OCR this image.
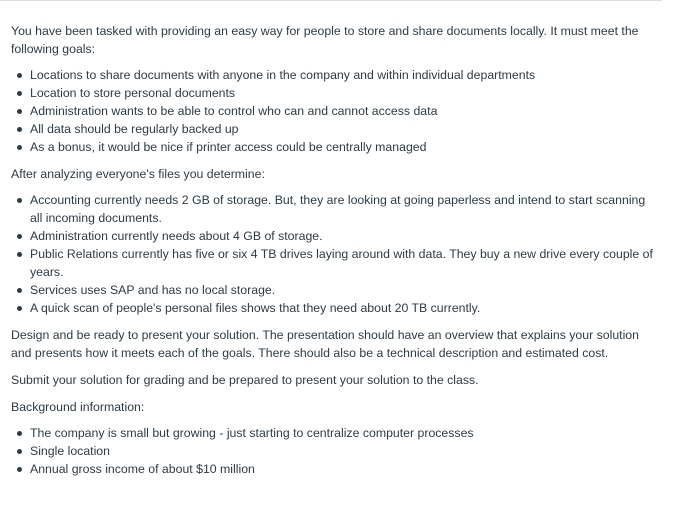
You have been tasked with providing an easy way for people to store and share documents locally. It must meet the following goals:

Locations to share documents with anyone in the company and within individual departments
Location to store personal documents
Administration wants to be able to control who can and cannot access data
All data should be regularly backed up
As a bonus, it would be nice if printer access could be centrally managed

After analyzing everyone's files you determine:

Accounting currently needs 2 GB of storage. But, they are looking at going paperless and intend to start scanning all incoming documents.
Administration currently needs about 4 GB of storage.
Public Relations currently has five or six 4 TB drives laying around with data. They buy a new drive every couple of years.
Services uses SAP and has no local storage.
A quick scan of people's personal files shows that they need about 20 TB currently.

Design and be ready to present your solution. The presentation should have an overview that explains your solution and presents how it meets each of the goals. There should also be a technical description and estimated cost.

Submit your solution for grading and be prepared to present your solution to the class.

Background information:

The company is small but growing - just starting to centralize computer processes
Single location
Annual gross income of about $10 million
